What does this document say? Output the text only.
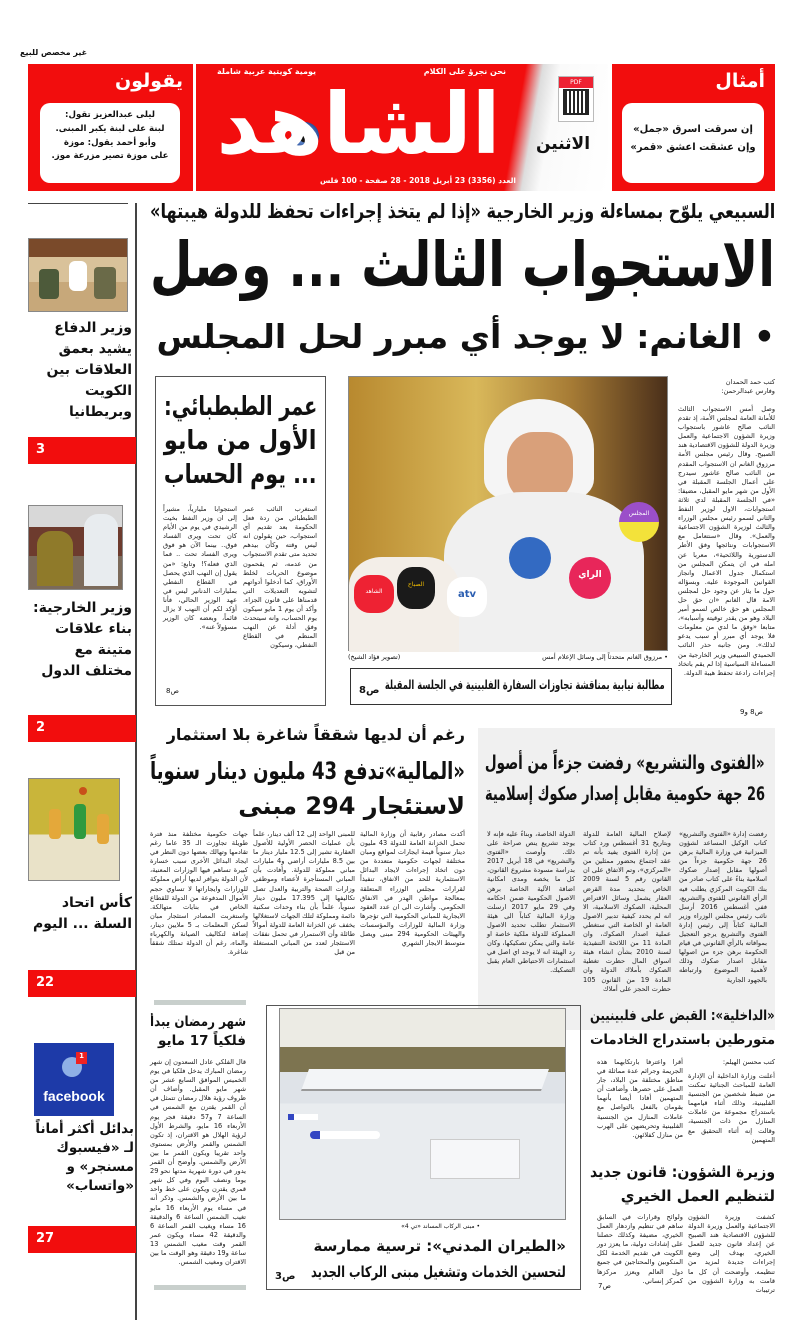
غير مخصص للبيع
يقولون
ليلى عبدالعزيز تقول:
لبنة على لبنة يكبر المبنى.
وأبو أحمد يقول: موزة
على موزة تصير مزرعة موز.
يومية كويتية عربية شاملة	نحن نجرؤ على الكلام
الشاهد
العدد (3356) 23 أبريل 2018 - 28 صفحة - 100 فلس
PDF
الاثنين
أمثال
إن سرقت اسرق «جمل»
وإن عشقت اعشق «قمر»
السبيعي يلوّح بمساءلة وزير الخارجية «إذا لم يتخذ إجراءات تحفظ للدولة هيبتها»
وزير الدفاع يشيد بعمق العلاقات بين الكويت وبريطانيا
3
وزير الخارجية: بناء علاقات متينة مع مختلف الدول
2
كأس اتحاد السلة ... اليوم
22
1
facebook
بدائل أكثر أماناً لـ «فيسبوك مسنجر» و «واتساب»
27
الاستجواب الثالث ... وصل
• الغانم: لا يوجد أي مبرر لحل المجلس
عمر الطبطبائي:
الأول من مايو
... يوم الحساب
استغرب النائب عمر الطبطبائي من ردة فعل الحكومة بعد تقديم أي استجواب، حين يقولون انه ليس وقته وكأن بيدهم تحديد متى تقدم الاستجواب من عدمه، ثم يقحمون موضوع الحريات لخلط الأوراق، كما أدخلوا أدواتهم لتشويه التعديلات التي قدمناها على قانون الجزاء. وأكد أن يوم 1 مايو سيكون يوم الحساب، وانه سيتحدث وفق أدلة عن النهب المنظم في القطاع النفطي، وسيكون
استجوابا مليارياً، مشيراً إلى ان وزير النفط بخيت الرشيدي في يوم من الأيام كان تحت ويرى الفساد فوق.. بينما الآن هو فوق ويرى الفساد تحت .. فما الذي فعله؟! وتابع: «من يقول إن النهب الذي يحصل في القطاع النفطي بمليارات الدنانير ليس في عهد الوزير الحالي، فأنا أؤكد لكم أن النهب لا يزال قائماً، وبعضه كان الوزير مسؤولاً عنه».
ص8
الشاهد
الصباح
atv
الراي
المجلس
• مرزوق الغانم متحدثاً إلى وسائل الإعلام أمس
(تصوير فؤاد الشيخ)
مطالبة نيابية بمناقشة تجاوزات السفارة الفلبينية في الجلسة المقبلة
ص8
كتب حمد الحمدان
وفارس عبدالرحمن:
وصل أمس الاستجواب الثالث للأمانة العامة لمجلس الأمة، إذ تقدم النائب صالح عاشور باستجواب وزيرة الشؤون الاجتماعية والعمل وزيرة الدولة للشؤون الاقتصادية هند الصبيح. وقال رئيس مجلس الأمة مرزوق الغانم ان الاستجواب المقدم من النائب صالح عاشور سيدرج على أعمال الجلسة المقبلة في الأول من شهر مايو المقبل، مضيفا: «في الجلسة المقبلة لدي ثلاثة استجوابات، الاول لوزير النفط والثاني لسمو رئيس مجلس الوزراء والثالث لوزيرة الشؤون الاجتماعية والعمل». وقال «سنتعامل مع الاستجوابات ونتائجها وفق الأطر الدستورية واللائحية»، معربا عن امله في ان يتمكن المجلس من استكمال جدول الاعمال وانجاز القوانين الموجودة عليه. وبسؤاله حول ما يثار عن وجود حل لمجلس الامة قال الغانم «ان حق حل المجلس هو حق خالص لسمو أمير البلاد وهو من يقدر توقيته وأسبابه»، متابعا «وفق ما لدي من معلومات فلا يوجد أي مبرر أو سبب يدعو لذلك». ومن جانبه حذر النائب الحميدي السبيعي وزير الخارجية من المساءلة السياسية إذا لم يقم باتخاذ إجراءات رادعة تحفظ هيبة الدولة.
ص8 و9
رغم أن لديها شققاً شاغرة بلا استثمار
«المالية»تدفع 43 مليون دينار سنوياً
لاستئجار 294 مبنى
أكدت مصادر رقابية أن وزارة المالية تحمل الخزانة العامة للدولة 43 مليون دينار سنوياً قيمة ايجارات لمواقع ومبان مختلفة لجهات حكومية متعددة من دون اتخاذ إجراءات لايجاد البدائل الاستثمارية للحد من الانفاق، تنفيذاً لقرارات مجلس الوزراء المتعلقة بمعالجة مواطن الهدر في الانفاق الحكومي. وأشارت الى ان عدد العقود الايجارية للمباني الحكومية التي تؤجرها وزارة المالية للوزارات والمؤسسات والهيئات الحكومية 294 مبنى ويصل متوسط الايجار الشهري
للمبنى الواحد إلى 12 ألف دينار، علماً بأن عمليات الحصر الأولية للأصول العقارية تشير إلى 12.5 مليار دينار ما بين 8.5 مليارات أراضي و4 مليارات مباني مملوكة للدولة. وأفادت بأن المباني المستأجرة لأعضاء وموظفي وزارات الصحة والتربية والعدل تصل تكاليفها إلى 17.395 مليون دينار سنوياً، علماً بأن بناء وحدات سكنية دائمة ومملوكة لتلك الجهات لاستغلالها يخفف عن الخزانة العامة للدولة أموالاً طائلة وأن الاستمرار في تحمل نفقات الاستئجار لعدد من المباني المستغلة من قبل
جهات حكومية مختلفة منذ فترة طويلة تجاوزت الـ 35 عاما رغم تقادمها وتهالك بعضها دون النظر في ايجاد البدائل الأخرى سبب خسارة كبيرة تساهم فيها الوزارات المعنية، لأن الدولة يتوافر لديها أراض مملوكة للوزارات وايجاراتها لا تساوي حجم الأموال المدفوعة من الدولة للقطاع الخاص في بنايات متهالكة. واستغربت المصادر استئجار مبان لسكن المعلمات بـ 5 ملايين دينار، إضافة لتكاليف الصيانة والكهرباء والماء، رغم أن الدولة تمتلك شققاً شاغرة.
«الفتوى والتشريع» رفضت جزءاً من أصول
26 جهة حكومية مقابل إصدار صكوك إسلامية
رفضت إدارة «الفتوى والتشريع» كتاب الوكيل المساعد لشؤون الميزانية في وزارة المالية برهن 26 جهة حكومية جزءاً من أصولها مقابل إصدار صكوك اسلامية بناءً على كتاب صادر من بنك الكويت المركزي يطلب فيه الرأي القانوني للفتوى والتشريع، ففي أغسطس 2016 أرسل نائب رئيس مجلس الوزراء وزير المالية كتاباً إلى رئيس إدارة الفتوى والتشريع يرجو التعجيل بموافاته بالرأي القانوني في قيام الحكومة برهن جزء من اصولها مقابل اصدار صكوك وذلك لأهمية الموضوع وارتباطه بالجهود الجارية
لإصلاح المالية العامة للدولة وبتاريخ 31 أغسطس ورد كتاب من إدارة الفتوى يفيد بأنه تم عقد اجتماع بحضور ممثلين من «المركزي»، وتم الاتفاق على ان القانون رقم 5 لسنة 2009 الخاص بتحديد مدة القرض العقار يشمل وسائل الاقتراض المحلية، الصكوك الاسلامية، الا انه لم يحدد كيفية تدبير الاصول العامة او الخاصة التي ستغطي عملية اصدار الصكوك، وان المادة 11 من اللائحة التنفيذية لسنة 2010 بشأن انشاء هيئة اسواق المال حظرت تغطية الصكوك بأملاك الدولة وان المادة 19 من القانون 105 حظرت الحجز على أملاك
الدولة الخاصة، وبناءً عليه فإنه لا يوجد تشريع ينص صراحة على ذلك. وأوصت «الفتوى والتشريع» في 18 أبريل 2017 بدراسة مسودة مشروع القانون، كل ما يخصه ومدى امكانية اضافة الآلية الخاصة برهن الاصول الحكومية ضمن احكامه وفي 29 مايو 2017 ارسلت وزارة المالية كتاباً الى هيئة الاستثمار تطلب تحديد الاصول المملوكة للدولة ملكية خاصة او عامة والتي يمكن تصكيكها، وكان رد الهيئة انه لا يوجد اي اصل في استثمارات الاحتياطي العام يقبل التصكيك.
شهر رمضان يبدأ
فلكياً 17 مايو
قال الفلكي عادل السعدون إن شهر رمضان المبارك يدخل فلكيا في يوم الخميس الموافق السابع عشر من شهر مايو المقبل. وأضاف أن ظروف رؤية هلال رمضان تتمثل في أن القمر يقترن مع الشمس في الساعة 7 و57 دقيقة فجر يوم الأربعاء 16 مايو، والشرط الأول لرؤية الهلال هو الاقتران، إذ تكون الشمس والقمر والأرض بمستوى واحد تقريبا ويكون القمر ما بين الأرض والشمس. وأوضح أن القمر يدور في دورة شهرية مدتها نحو 29 يوما ونصف اليوم وفي كل شهر قمري يقترن ويكون على خط واحد ما بين الأرض والشمس. وذكر أنه في مساء يوم الأربعاء 16 مايو تغيب الشمس الساعة 6 والدقيقة 16 مساء ويغيب القمر الساعة 6 والدقيقة 42 مساء ويكون عمر القمر وقت مغيب الشمس 13 ساعة و19 دقيقة وهو الوقت ما بين الاقتران ومغيب الشمس.
• مبنى الركاب المساند «تي 4»
«الطيران المدني»: ترسية ممارسة
لتحسين الخدمات وتشغيل مبنى الركاب الجديد
ص3
«الداخلية»: القبض على فلبينيين
متورطين باستدراج الخادمات
كتب محسن الهيلم:
أعلنت وزارة الداخلية أن الإدارة العامة للمباحث الجنائية تمكنت من ضبط شخصين من الجنسية الفلبينية، وذلك أثناء قيامهما باستدراج مجموعة من عاملات المنازل من ذات الجنسية، وقالت إنه أثناء التحقيق مع المتهمين
أقرا واعترفا بارتكابهما هذه الجريمة وجرائم عدة مماثلة في مناطق مختلفة من البلاد، جار العمل على حصرها. وأضافت أن المتهمين أفادا أيضا بأنهما يقومان بالفعل بالتواصل مع عاملات المنازل من الجنسية الفلبينية وتحريضهن على الهرب من منازل كفلائهن.
وزيرة الشؤون: قانون جديد
لتنظيم العمل الخيري
كشفت وزيرة الشؤون الاجتماعية والعمل وزيرة الدولة للشؤون الاقتصادية هند الصبيح عن إعداد قانون جديد للعمل الخيري، بهدف إلى وضع إجراءات جديدة لمزيد من تنظيمه. وأوضحت أن كل ما قامت به وزارة الشؤون من ترتيبات
ولوائح وقرارات في السابق ساهم في تنظيم وازدهار العمل الخيري، مضيفة وكذلك حصلنا على إشادات دولية، ما يعزز دور الكويت في تقديم الخدمة لكل المنكوبين والمحتاجين في جميع دول العالم ويعزز مركزها كمركز إنساني.
ص7
